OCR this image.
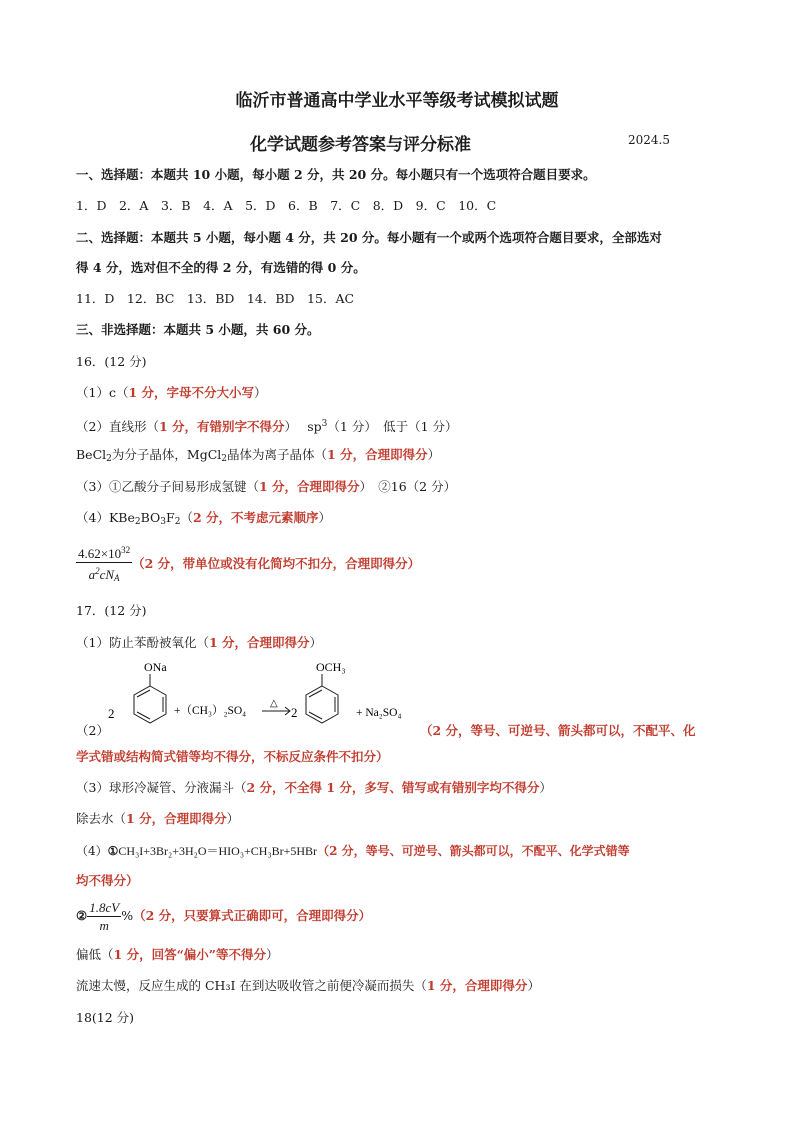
临沂市普通高中学业水平等级考试模拟试题
化学试题参考答案与评分标准	2024.5
一、选择题：本题共 10 小题，每小题 2 分，共 20 分。每小题只有一个选项符合题目要求。
1．D　2．A　3．B　4．A　5．D　6．B　7．C　8．D　9．C　10．C
二、选择题：本题共 5 小题，每小题 4 分，共 20 分。每小题有一个或两个选项符合题目要求，全部选对
得 4 分，选对但不全的得 2 分，有选错的得 0 分。
11．D　12．BC　13．BD　14．BD　15．AC
三、非选择题：本题共 5 小题，共 60 分。
16．(12 分)
（1）c（1 分，字母不分大小写）
（2）直线形（1 分，有错别字不得分）　 $sp^3(1$ 分）　低于（1 分）
BeCl$_2$为分子晶体，MgCl$_2$晶体为离子晶体（1 分，合理即得分）
（3）①乙酸分子间易形成氢键（1 分，合理即得分）　②16（2 分）
$(4)KBe_2BO_3F_2(2$ 分，不考虑元素顺序）
$\frac{4.62\times 10^{32}}{a^2cN_A} (2$ 分，带单位或没有化简均不扣分，合理即得分）
17．(12 分)
（1）防止苯酚被氧化（1 分，合理即得分）
2
ONa
+（CH₃）₂SO₄
△
2
OCH₃
+ Na₂SO₄
（2）	（2 分，等号、可逆号、箭头都可以，不配平、化
学式错或结构简式错等均不得分，不标反应条件不扣分）
（3）球形冷凝管、分液漏斗（2 分，不全得 1 分，多写、错写或有错别字均不得分）
除去水（1 分，合理即得分）
（4）①CH₃I+3Br₂+3H₂O＝HIO₃+CH₃Br+5HBr（2 分，等号、可逆号、箭头都可以，不配平、化学式错等
均不得分）
② $\frac{1.8cV}{m} \%(2$ 分，只要算式正确即可，合理即得分）
偏低（1 分，回答“偏小”等不得分）
流速太慢，反应生成的 CH₃I 在到达吸收管之前便冷凝而损失（1 分，合理即得分）
18(12 分)
